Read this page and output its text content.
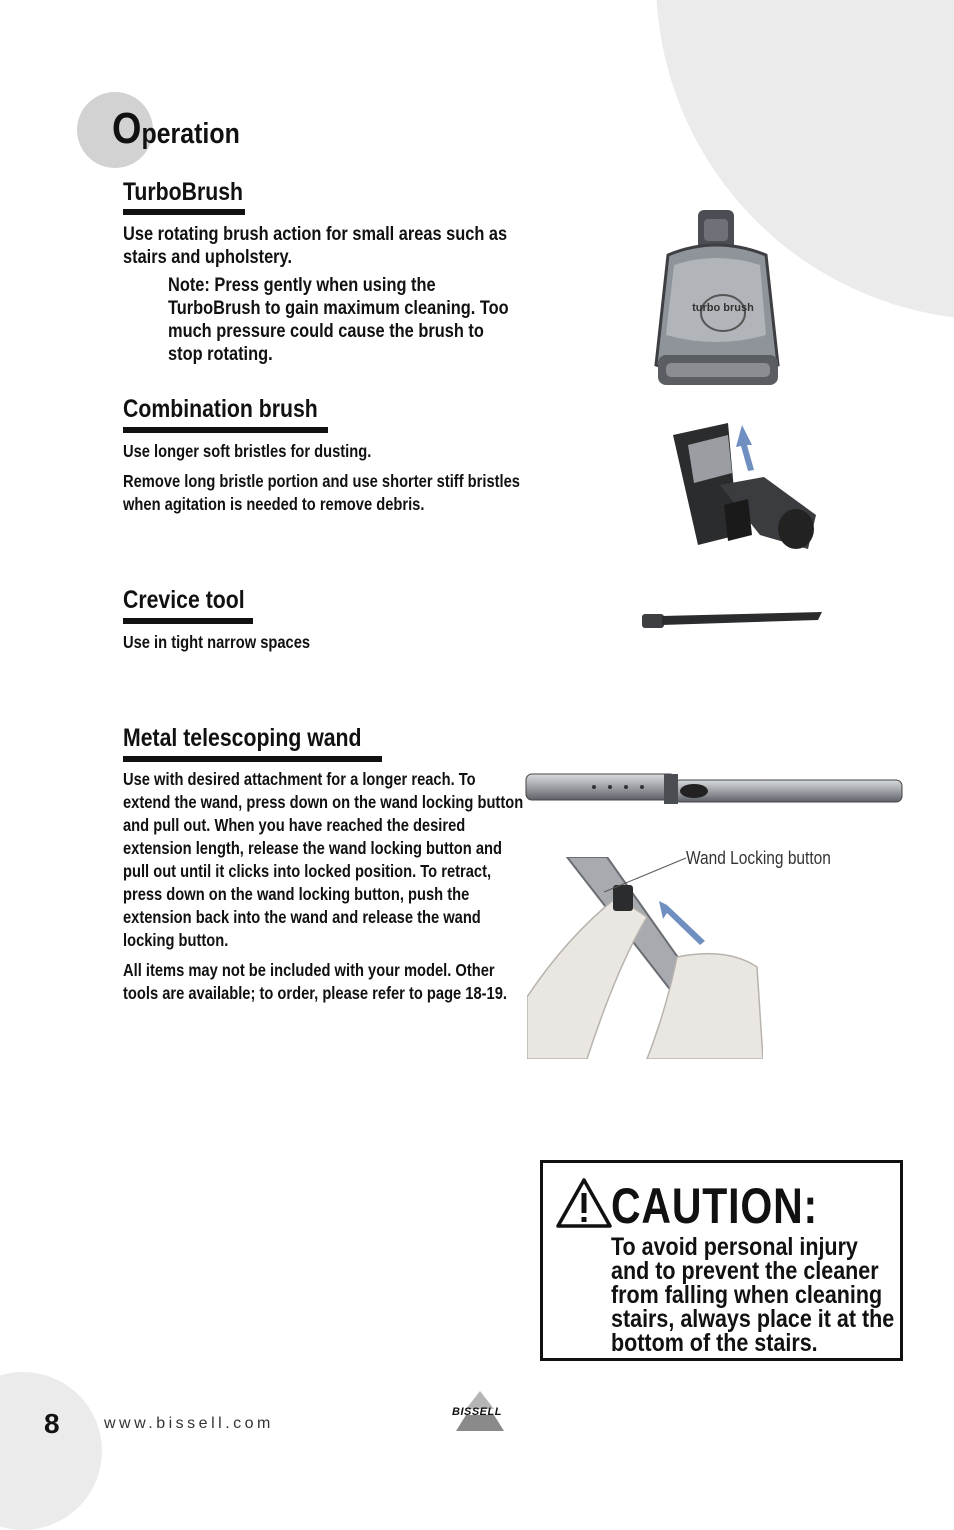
Operation
TurboBrush

Use rotating brush action for small areas such as stairs and upholstery.

Note: Press gently when using the TurboBrush to gain maximum cleaning. Too much pressure could cause the brush to stop rotating.

Combination brush

Use longer soft bristles for dusting.

Remove long bristle portion and use shorter stiff bristles when agitation is needed to remove debris.

Crevice tool

Use in tight narrow spaces

Metal telescoping wand

Use with desired attachment for a longer reach. To extend the wand, press down on the wand locking button and pull out. When you have reached the desired extension length, release the wand locking button and pull out until it clicks into locked position. To retract, press down on the wand locking button, push the extension back into the wand and release the wand locking button.

All items may not be included with your model. Other tools are available; to order, please refer to page 18-19.

turbo brush
Wand Locking button
CAUTION:
To avoid personal injury and to prevent the cleaner from falling when cleaning stairs, always place it at the bottom of the stairs.
8	www.bissell.com
BISSELL
